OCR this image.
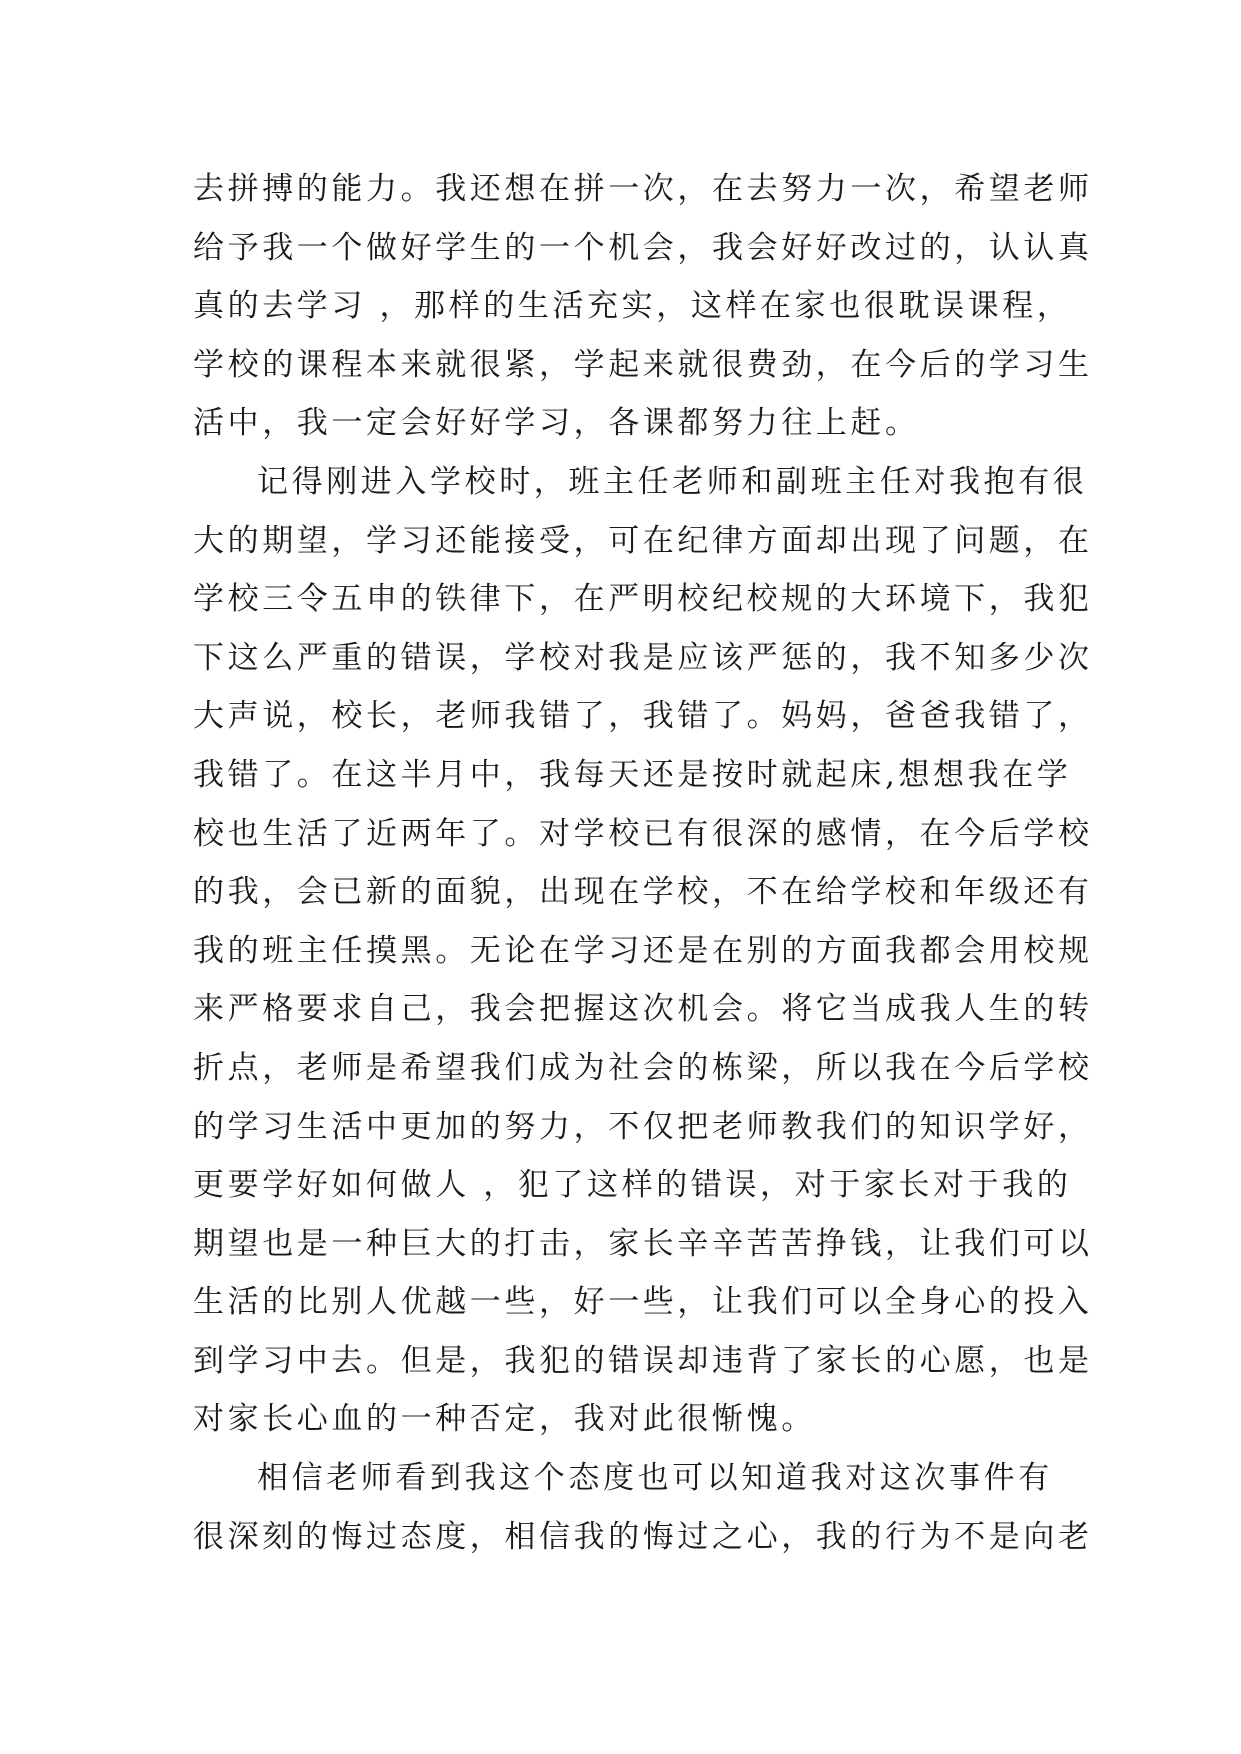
去拼搏的能力。我还想在拼一次，在去努力一次，希望老师
给予我一个做好学生的一个机会，我会好好改过的，认认真
真的去学习 ，那样的生活充实，这样在家也很耽误课程，
学校的课程本来就很紧，学起来就很费劲，在今后的学习生
活中，我一定会好好学习，各课都努力往上赶。
记得刚进入学校时，班主任老师和副班主任对我抱有很
大的期望，学习还能接受，可在纪律方面却出现了问题，在
学校三令五申的铁律下，在严明校纪校规的大环境下，我犯
下这么严重的错误，学校对我是应该严惩的，我不知多少次
大声说，校长，老师我错了，我错了。妈妈，爸爸我错了，
我错了。在这半月中，我每天还是按时就起床,想想我在学
校也生活了近两年了。对学校已有很深的感情，在今后学校
的我，会已新的面貌，出现在学校，不在给学校和年级还有
我的班主任摸黑。无论在学习还是在别的方面我都会用校规
来严格要求自己，我会把握这次机会。将它当成我人生的转
折点，老师是希望我们成为社会的栋梁，所以我在今后学校
的学习生活中更加的努力，不仅把老师教我们的知识学好，
更要学好如何做人 ，犯了这样的错误，对于家长对于我的
期望也是一种巨大的打击，家长辛辛苦苦挣钱，让我们可以
生活的比别人优越一些，好一些，让我们可以全身心的投入
到学习中去。但是，我犯的错误却违背了家长的心愿，也是
对家长心血的一种否定，我对此很惭愧。
相信老师看到我这个态度也可以知道我对这次事件有
很深刻的悔过态度，相信我的悔过之心，我的行为不是向老
